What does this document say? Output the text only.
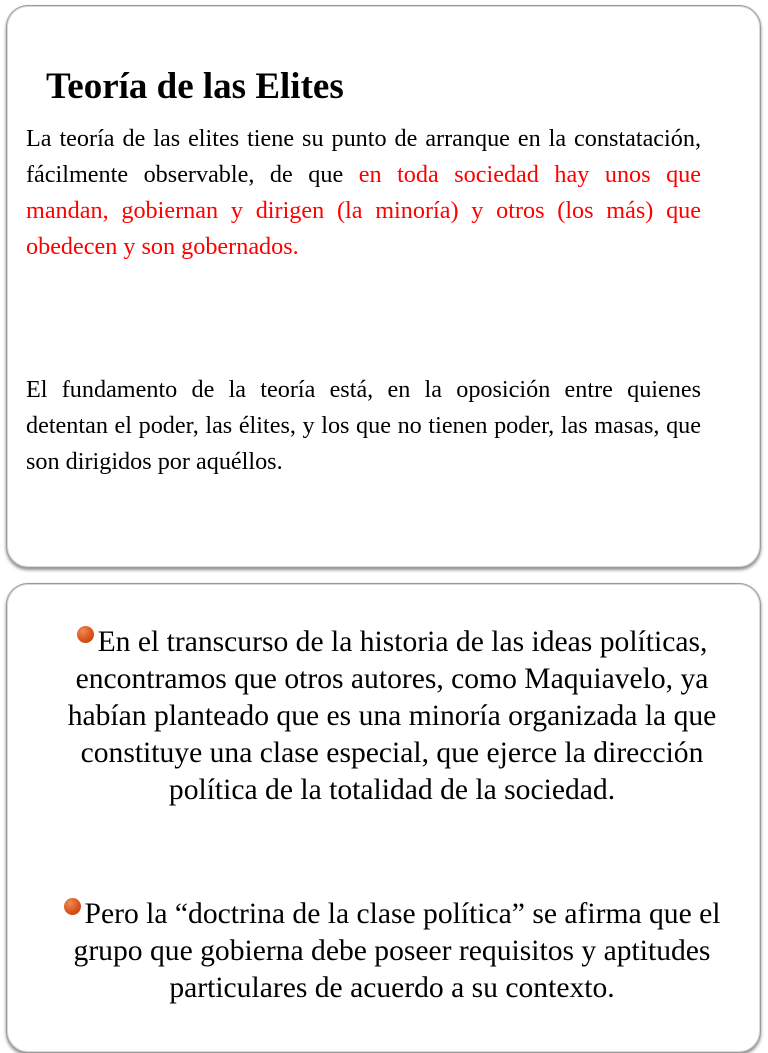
Teoría de las Elites

La teoría de las elites tiene su punto de arranque en la constatación, fácilmente observable, de que en toda sociedad hay unos que mandan, gobiernan y dirigen (la minoría) y otros (los más) que obedecen y son gobernados.

El fundamento de la teoría está, en la oposición entre quienes detentan el poder, las élites, y los que no tienen poder, las masas, que son dirigidos por aquéllos.

En el transcurso de la historia de las ideas políticas, encontramos que otros autores, como Maquiavelo, ya habían planteado que es una minoría organizada la que constituye una clase especial, que ejerce la dirección política de la totalidad de la sociedad.

Pero la “doctrina de la clase política” se afirma que el grupo que gobierna debe poseer requisitos y aptitudes particulares de acuerdo a su contexto.
